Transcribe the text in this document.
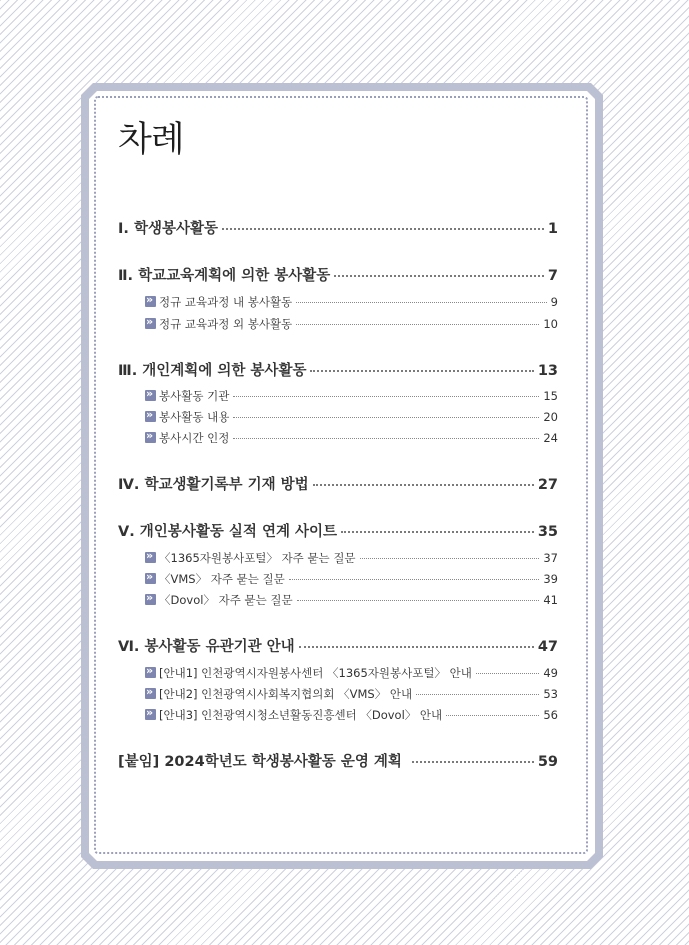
차례
Ⅰ. 학생봉사활동	1
Ⅱ. 학교교육계획에 의한 봉사활동	7
»
정규 교육과정 내 봉사활동	9
»
정규 교육과정 외 봉사활동	10
Ⅲ. 개인계획에 의한 봉사활동	13
»
봉사활동 기관	15
»
봉사활동 내용	20
»
봉사시간 인정	24
Ⅳ. 학교생활기록부 기재 방법	27
Ⅴ. 개인봉사활동 실적 연계 사이트	35
»
〈1365자원봉사포털〉 자주 묻는 질문	37
»
〈VMS〉 자주 묻는 질문	39
»
〈Dovol〉 자주 묻는 질문	41
Ⅵ. 봉사활동 유관기관 안내	47
»
[안내1] 인천광역시자원봉사센터 〈1365자원봉사포털〉 안내	49
»
[안내2] 인천광역시사회복지협의회 〈VMS〉 안내	53
»
[안내3] 인천광역시청소년활동진흥센터 〈Dovol〉 안내	56
[붙임] 2024학년도 학생봉사활동 운영 계획	59
